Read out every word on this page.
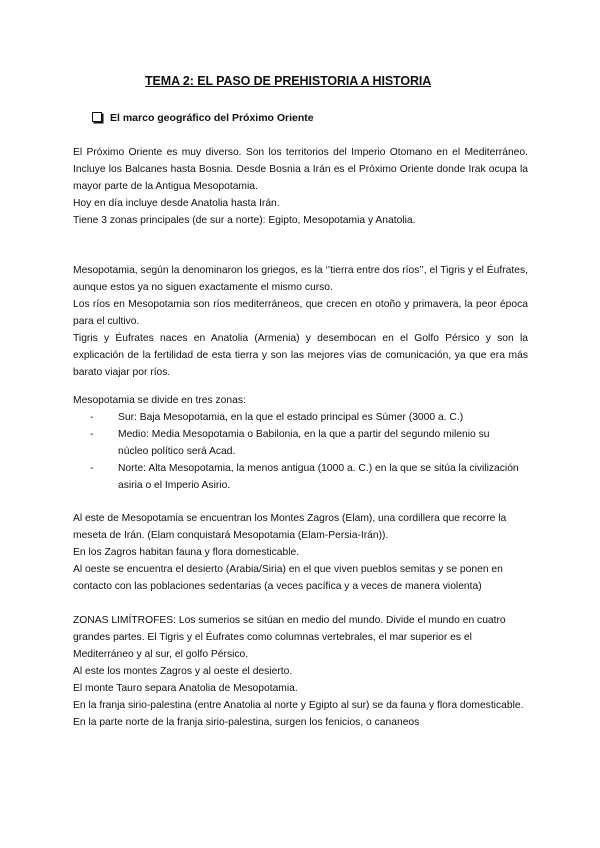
TEMA 2: EL PASO DE PREHISTORIA A HISTORIA
El marco geográfico del Próximo Oriente

El Próximo Oriente es muy diverso. Son los territorios del Imperio Otomano en el Mediterráneo. Incluye los Balcanes hasta Bosnia. Desde Bosnia a Irán es el Próximo Oriente donde Irak ocupa la mayor parte de la Antigua Mesopotamia.

Hoy en día incluye desde Anatolia hasta Irán.

Tiene 3 zonas principales (de sur a norte): Egipto, Mesopotamia y Anatolia.

Mesopotamia, según la denominaron los griegos, es la ‘’tierra entre dos ríos’’, el Tigris y el Éufrates, aunque estos ya no siguen exactamente el mismo curso.

Los ríos en Mesopotamia son ríos mediterráneos, que crecen en otoño y primavera, la peor época para el cultivo.

Tigris y Éufrates naces en Anatolia (Armenia) y desembocan en el Golfo Pérsico y son la explicación de la fertilidad de esta tierra y son las mejores vías de comunicación, ya que era más barato viajar por ríos.

Mesopotamia se divide en tres zonas:

- Sur: Baja Mesopotamia, en la que el estado principal es Súmer (3000 a. C.)
- Medio: Media Mesopotamia o Babilonia, en la que a partir del segundo milenio su núcleo político será Acad.
- Norte: Alta Mesopotamia, la menos antigua (1000 a. C.) en la que se sitúa la civilización asiria o el Imperio Asirio.

Al este de Mesopotamia se encuentran los Montes Zagros (Elam), una cordillera que recorre la meseta de Irán. (Elam conquistará Mesopotamia (Elam-Persia-Irán)).

En los Zagros habitan fauna y flora domesticable.

Al oeste se encuentra el desierto (Arabia/Siria) en el que viven pueblos semitas y se ponen en contacto con las poblaciones sedentarias (a veces pacífica y a veces de manera violenta)

ZONAS LIMÍTROFES: Los sumerios se sitúan en medio del mundo. Divide el mundo en cuatro grandes partes. El Tigris y el Éufrates como columnas vertebrales, el mar superior es el Mediterráneo y al sur, el golfo Pérsico.

Al este los montes Zagros y al oeste el desierto.

El monte Tauro separa Anatolia de Mesopotamia.

En la franja sirio-palestina (entre Anatolia al norte y Egipto al sur) se da fauna y flora domesticable. En la parte norte de la franja sirio-palestina, surgen los fenicios, o cananeos
